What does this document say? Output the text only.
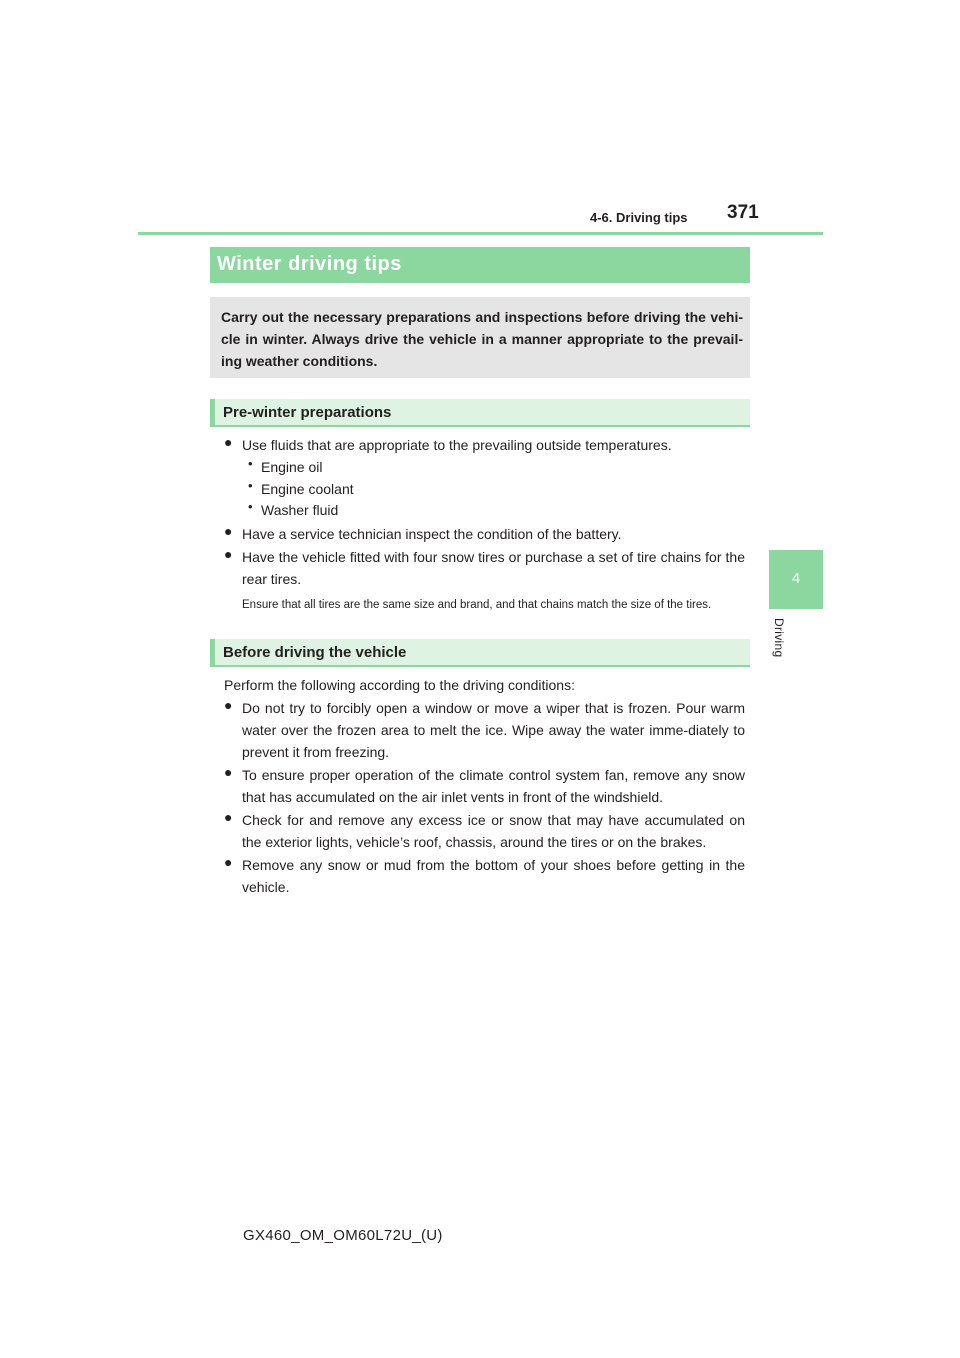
4-6. Driving tips 371
4
Driving
Winter driving tips
Carry out the necessary preparations and inspections before driving the vehi-cle in winter. Always drive the vehicle in a manner appropriate to the prevail-ing weather conditions.
Pre-winter preparations
● Use fluids that are appropriate to the prevailing outside temperatures.
• Engine oil
• Engine coolant
• Washer fluid
● Have a service technician inspect the condition of the battery.
● Have the vehicle fitted with four snow tires or purchase a set of tire chains for the rear tires.
Ensure that all tires are the same size and brand, and that chains match the size of the tires.
Before driving the vehicle
Perform the following according to the driving conditions:
● Do not try to forcibly open a window or move a wiper that is frozen. Pour warm water over the frozen area to melt the ice. Wipe away the water imme-diately to prevent it from freezing.
● To ensure proper operation of the climate control system fan, remove any snow that has accumulated on the air inlet vents in front of the windshield.
● Check for and remove any excess ice or snow that may have accumulated on the exterior lights, vehicle’s roof, chassis, around the tires or on the brakes.
● Remove any snow or mud from the bottom of your shoes before getting in the vehicle.
GX460_OM_OM60L72U_(U)
